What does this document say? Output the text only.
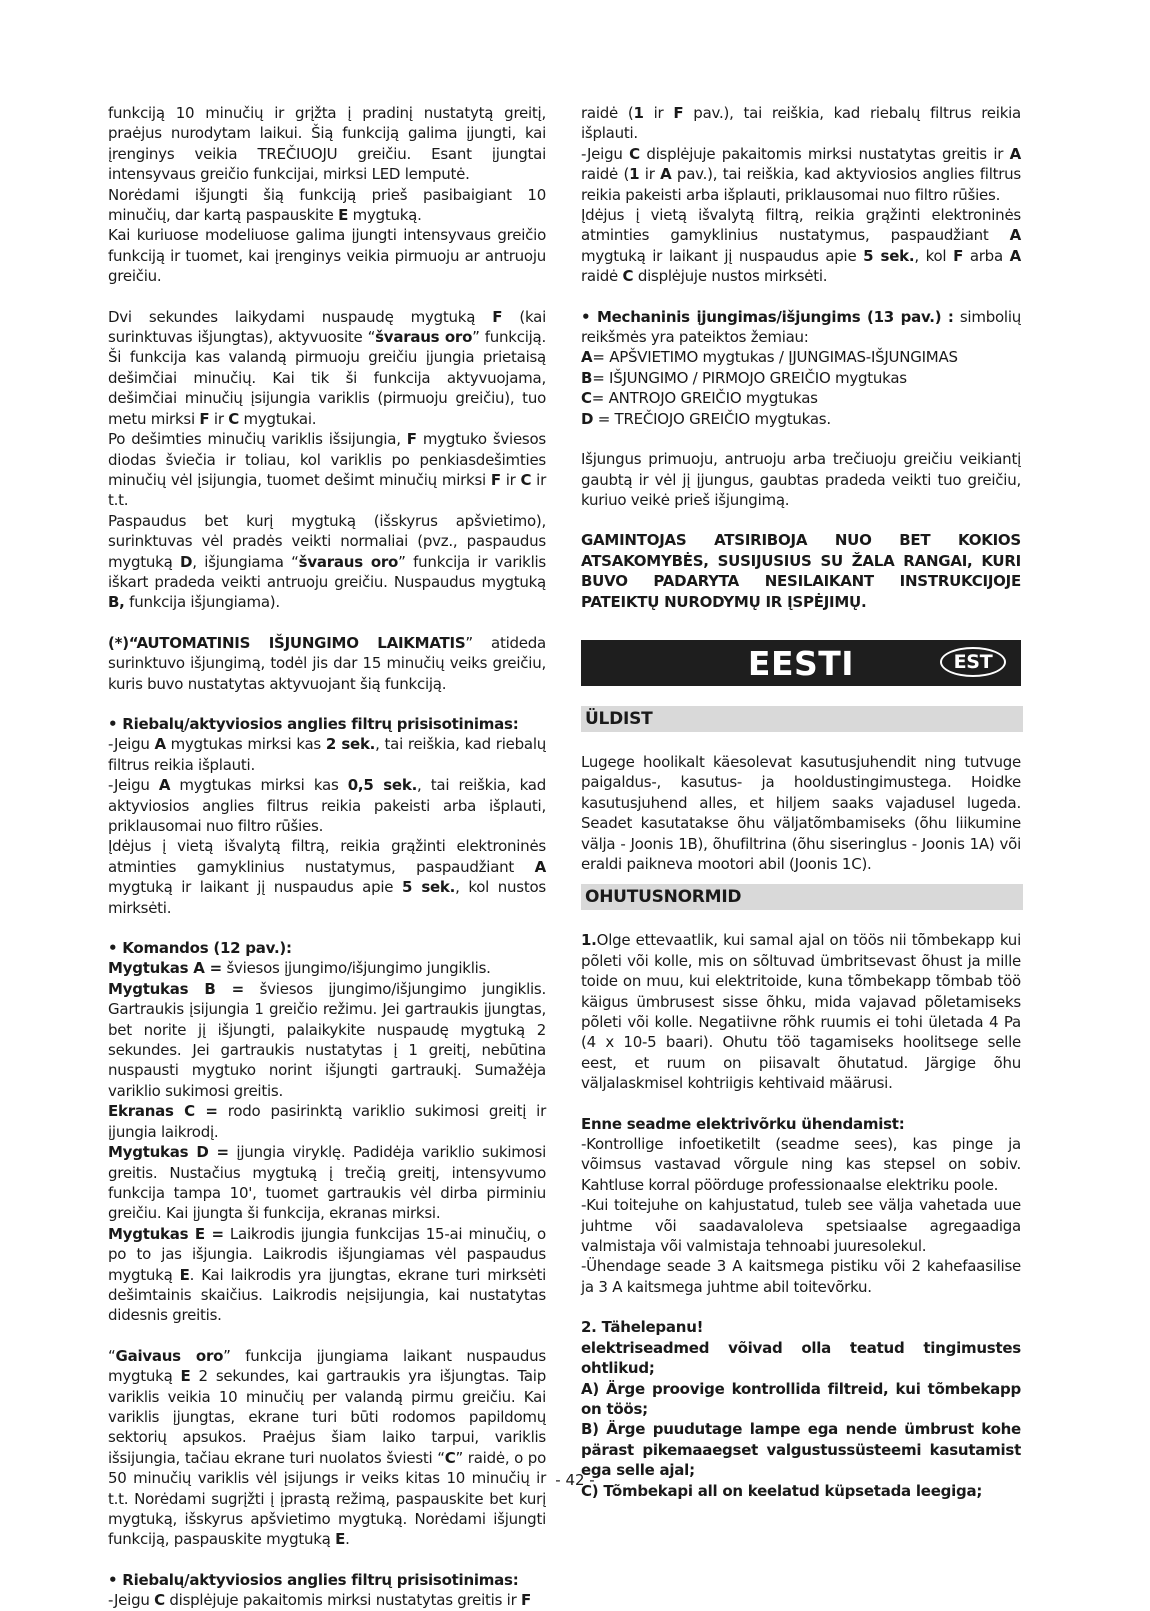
funkciją 10 minučių ir grįžta į pradinį nustatytą greitį, praėjus nurodytam laikui. Šią funkciją galima įjungti, kai įrenginys veikia TREČIUOJU greičiu. Esant įjungtai intensyvaus greičio funkcijai, mirksi LED lemputė.

Norėdami išjungti šią funkciją prieš pasibaigiant 10 minučių, dar kartą paspauskite E mygtuką.

Kai kuriuose modeliuose galima įjungti intensyvaus greičio funkciją ir tuomet, kai įrenginys veikia pirmuoju ar antruoju greičiu.

Dvi sekundes laikydami nuspaudę mygtuką F (kai surinktuvas išjungtas), aktyvuosite “švaraus oro” funkciją. Ši funkcija kas valandą pirmuoju greičiu įjungia prietaisą dešimčiai minučių. Kai tik ši funkcija aktyvuojama, dešimčiai minučių įsijungia variklis (pirmuoju greičiu), tuo metu mirksi F ir C mygtukai.

Po dešimties minučių variklis išsijungia, F mygtuko šviesos diodas šviečia ir toliau, kol variklis po penkiasdešimties minučių vėl įsijungia, tuomet dešimt minučių mirksi F ir C ir t.t.

Paspaudus bet kurį mygtuką (išskyrus apšvietimo), surinktuvas vėl pradės veikti normaliai (pvz., paspaudus mygtuką D, išjungiama “švaraus oro” funkcija ir variklis iškart pradeda veikti antruoju greičiu. Nuspaudus mygtuką B, funkcija išjungiama).

(*)“AUTOMATINIS IŠJUNGIMO LAIKMATIS” atideda surinktuvo išjungimą, todėl jis dar 15 minučių veiks greičiu, kuris buvo nustatytas aktyvuojant šią funkciją.

• Riebalų/aktyviosios anglies filtrų prisisotinimas:

-Jeigu A mygtukas mirksi kas 2 sek., tai reiškia, kad riebalų filtrus reikia išplauti.

-Jeigu A mygtukas mirksi kas 0,5 sek., tai reiškia, kad aktyviosios anglies filtrus reikia pakeisti arba išplauti, priklausomai nuo filtro rūšies.

Įdėjus į vietą išvalytą filtrą, reikia grąžinti elektroninės atminties gamyklinius nustatymus, paspaudžiant A mygtuką ir laikant jį nuspaudus apie 5 sek., kol nustos mirksėti.

• Komandos (12 pav.):

Mygtukas A = šviesos įjungimo/išjungimo jungiklis.

Mygtukas B = šviesos įjungimo/išjungimo jungiklis. Gartraukis įsijungia 1 greičio režimu. Jei gartraukis įjungtas, bet norite jį išjungti, palaikykite nuspaudę mygtuką 2 sekundes. Jei gartraukis nustatytas į 1 greitį, nebūtina nuspausti mygtuko norint išjungti gartraukį. Sumažėja variklio sukimosi greitis.

Ekranas C = rodo pasirinktą variklio sukimosi greitį ir įjungia laikrodį.

Mygtukas D = įjungia viryklę. Padidėja variklio sukimosi greitis. Nustačius mygtuką į trečią greitį, intensyvumo funkcija tampa 10', tuomet gartraukis vėl dirba pirminiu greičiu. Kai įjungta ši funkcija, ekranas mirksi.

Mygtukas E = Laikrodis įjungia funkcijas 15-ai minučių, o po to jas išjungia. Laikrodis išjungiamas vėl paspaudus mygtuką E. Kai laikrodis yra įjungtas, ekrane turi mirksėti dešimtainis skaičius. Laikrodis neįsijungia, kai nustatytas didesnis greitis.

“Gaivaus oro” funkcija įjungiama laikant nuspaudus mygtuką E 2 sekundes, kai gartraukis yra išjungtas. Taip variklis veikia 10 minučių per valandą pirmu greičiu. Kai variklis įjungtas, ekrane turi būti rodomos papildomų sektorių apsukos. Praėjus šiam laiko tarpui, variklis išsijungia, tačiau ekrane turi nuolatos šviesti “C” raidė, o po 50 minučių variklis vėl įsijungs ir veiks kitas 10 minučių ir t.t. Norėdami sugrįžti į įprastą režimą, paspauskite bet kurį mygtuką, išskyrus apšvietimo mygtuką. Norėdami išjungti funkciją, paspauskite mygtuką E.

• Riebalų/aktyviosios anglies filtrų prisisotinimas:

-Jeigu C displėjuje pakaitomis mirksi nustatytas greitis ir F

raidė (1 ir F pav.), tai reiškia, kad riebalų filtrus reikia išplauti.

-Jeigu C displėjuje pakaitomis mirksi nustatytas greitis ir A raidė (1 ir A pav.), tai reiškia, kad aktyviosios anglies filtrus reikia pakeisti arba išplauti, priklausomai nuo filtro rūšies.

Įdėjus į vietą išvalytą filtrą, reikia grąžinti elektroninės atminties gamyklinius nustatymus, paspaudžiant A mygtuką ir laikant jį nuspaudus apie 5 sek., kol F arba A raidė C displėjuje nustos mirksėti.

• Mechaninis įjungimas/išjungims (13 pav.) : simbolių reikšmės yra pateiktos žemiau:

A= APŠVIETIMO mygtukas / ĮJUNGIMAS-IŠJUNGIMAS

B= IŠJUNGIMO / PIRMOJO GREIČIO mygtukas

C= ANTROJO GREIČIO mygtukas

D = TREČIOJO GREIČIO mygtukas.

Išjungus primuoju, antruoju arba trečiuoju greičiu veikiantį gaubtą ir vėl jį įjungus, gaubtas pradeda veikti tuo greičiu, kuriuo veikė prieš išjungimą.

GAMINTOJAS ATSIRIBOJA NUO BET KOKIOS ATSAKOMYBĖS, SUSIJUSIUS SU ŽALA RANGAI, KURI BUVO PADARYTA NESILAIKANT INSTRUKCIJOJE PATEIKTŲ NURODYMŲ IR ĮSPĖJIMŲ.

EESTI	EST
ÜLDIST

Lugege hoolikalt käesolevat kasutusjuhendit ning tutvuge paigaldus-, kasutus- ja hooldustingimustega. Hoidke kasutusjuhend alles, et hiljem saaks vajadusel lugeda. Seadet kasutatakse õhu väljatõmbamiseks (õhu liikumine välja - Joonis 1B), õhufiltrina (õhu siseringlus - Joonis 1A) või eraldi paikneva mootori abil (Joonis 1C).

OHUTUSNORMID

1.Olge ettevaatlik, kui samal ajal on töös nii tõmbekapp kui põleti või kolle, mis on sõltuvad ümbritsevast õhust ja mille toide on muu, kui elektritoide, kuna tõmbekapp tõmbab töö käigus ümbrusest sisse õhku, mida vajavad põletamiseks põleti või kolle. Negatiivne rõhk ruumis ei tohi ületada 4 Pa (4 x 10-5 baari). Ohutu töö tagamiseks hoolitsege selle eest, et ruum on piisavalt õhutatud. Järgige õhu väljalaskmisel kohtriigis kehtivaid määrusi.

Enne seadme elektrivõrku ühendamist:

-Kontrollige infoetiketilt (seadme sees), kas pinge ja võimsus vastavad võrgule ning kas stepsel on sobiv. Kahtluse korral pöörduge professionaalse elektriku poole.

-Kui toitejuhe on kahjustatud, tuleb see välja vahetada uue juhtme või saadavaloleva spetsiaalse agregaadiga valmistaja või valmistaja tehnoabi juuresolekul.

-Ühendage seade 3 A kaitsmega pistiku või 2 kahefaasilise ja 3 A kaitsmega juhtme abil toitevõrku.

2. Tähelepanu!

elektriseadmed võivad olla teatud tingimustes ohtlikud;

A) Ärge proovige kontrollida filtreid, kui tõmbekapp on töös;

B) Ärge puudutage lampe ega nende ümbrust kohe pärast pikemaaegset valgustussüsteemi kasutamist ega selle ajal;

C) Tõmbekapi all on keelatud küpsetada leegiga;

- 42 -
